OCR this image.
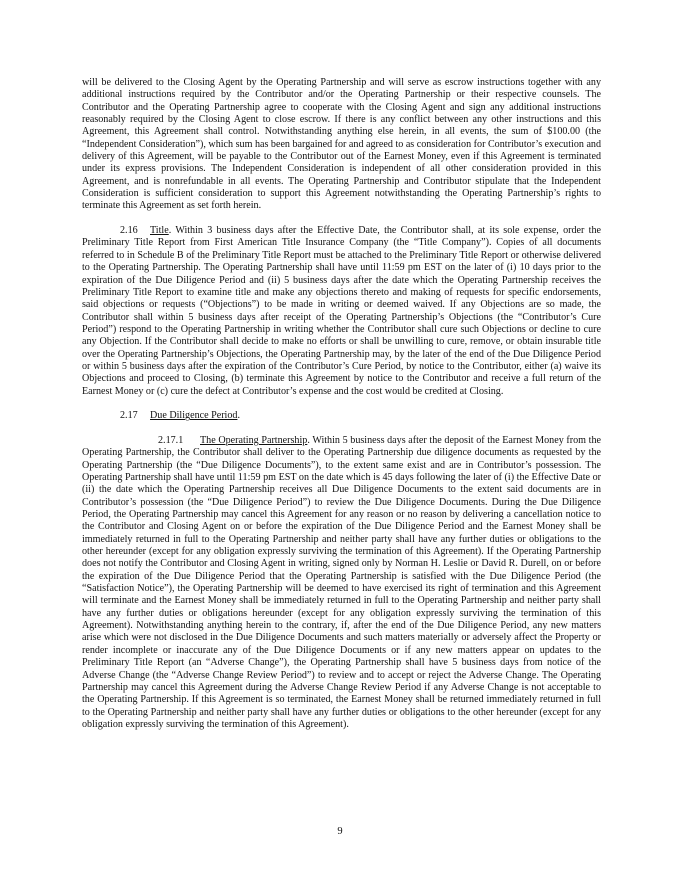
will be delivered to the Closing Agent by the Operating Partnership and will serve as escrow instructions together with any additional instructions required by the Contributor and/or the Operating Partnership or their respective counsels. The Contributor and the Operating Partnership agree to cooperate with the Closing Agent and sign any additional instructions reasonably required by the Closing Agent to close escrow. If there is any conflict between any other instructions and this Agreement, this Agreement shall control. Notwithstanding anything else herein, in all events, the sum of $100.00 (the “Independent Consideration”), which sum has been bargained for and agreed to as consideration for Contributor’s execution and delivery of this Agreement, will be payable to the Contributor out of the Earnest Money, even if this Agreement is terminated under its express provisions. The Independent Consideration is independent of all other consideration provided in this Agreement, and is nonrefundable in all events. The Operating Partnership and Contributor stipulate that the Independent Consideration is sufficient consideration to support this Agreement notwithstanding the Operating Partnership’s rights to terminate this Agreement as set forth herein.

2.16 Title. Within 3 business days after the Effective Date, the Contributor shall, at its sole expense, order the Preliminary Title Report from First American Title Insurance Company (the “Title Company”). Copies of all documents referred to in Schedule B of the Preliminary Title Report must be attached to the Preliminary Title Report or otherwise delivered to the Operating Partnership. The Operating Partnership shall have until 11:59 pm EST on the later of (i) 10 days prior to the expiration of the Due Diligence Period and (ii) 5 business days after the date which the Operating Partnership receives the Preliminary Title Report to examine title and make any objections thereto and making of requests for specific endorsements, said objections or requests (“Objections”) to be made in writing or deemed waived. If any Objections are so made, the Contributor shall within 5 business days after receipt of the Operating Partnership’s Objections (the “Contributor’s Cure Period”) respond to the Operating Partnership in writing whether the Contributor shall cure such Objections or decline to cure any Objection. If the Contributor shall decide to make no efforts or shall be unwilling to cure, remove, or obtain insurable title over the Operating Partnership’s Objections, the Operating Partnership may, by the later of the end of the Due Diligence Period or within 5 business days after the expiration of the Contributor’s Cure Period, by notice to the Contributor, either (a) waive its Objections and proceed to Closing, (b) terminate this Agreement by notice to the Contributor and receive a full return of the Earnest Money or (c) cure the defect at Contributor’s expense and the cost would be credited at Closing.

2.17 Due Diligence Period.

2.17.1 The Operating Partnership. Within 5 business days after the deposit of the Earnest Money from the Operating Partnership, the Contributor shall deliver to the Operating Partnership due diligence documents as requested by the Operating Partnership (the “Due Diligence Documents”), to the extent same exist and are in Contributor’s possession. The Operating Partnership shall have until 11:59 pm EST on the date which is 45 days following the later of (i) the Effective Date or (ii) the date which the Operating Partnership receives all Due Diligence Documents to the extent said documents are in Contributor’s possession (the “Due Diligence Period”) to review the Due Diligence Documents. During the Due Diligence Period, the Operating Partnership may cancel this Agreement for any reason or no reason by delivering a cancellation notice to the Contributor and Closing Agent on or before the expiration of the Due Diligence Period and the Earnest Money shall be immediately returned in full to the Operating Partnership and neither party shall have any further duties or obligations to the other hereunder (except for any obligation expressly surviving the termination of this Agreement). If the Operating Partnership does not notify the Contributor and Closing Agent in writing, signed only by Norman H. Leslie or David R. Durell, on or before the expiration of the Due Diligence Period that the Operating Partnership is satisfied with the Due Diligence Period (the “Satisfaction Notice”), the Operating Partnership will be deemed to have exercised its right of termination and this Agreement will terminate and the Earnest Money shall be immediately returned in full to the Operating Partnership and neither party shall have any further duties or obligations hereunder (except for any obligation expressly surviving the termination of this Agreement). Notwithstanding anything herein to the contrary, if, after the end of the Due Diligence Period, any new matters arise which were not disclosed in the Due Diligence Documents and such matters materially or adversely affect the Property or render incomplete or inaccurate any of the Due Diligence Documents or if any new matters appear on updates to the Preliminary Title Report (an “Adverse Change”), the Operating Partnership shall have 5 business days from notice of the Adverse Change (the “Adverse Change Review Period”) to review and to accept or reject the Adverse Change. The Operating Partnership may cancel this Agreement during the Adverse Change Review Period if any Adverse Change is not acceptable to the Operating Partnership. If this Agreement is so terminated, the Earnest Money shall be returned immediately returned in full to the Operating Partnership and neither party shall have any further duties or obligations to the other hereunder (except for any obligation expressly surviving the termination of this Agreement).

9
